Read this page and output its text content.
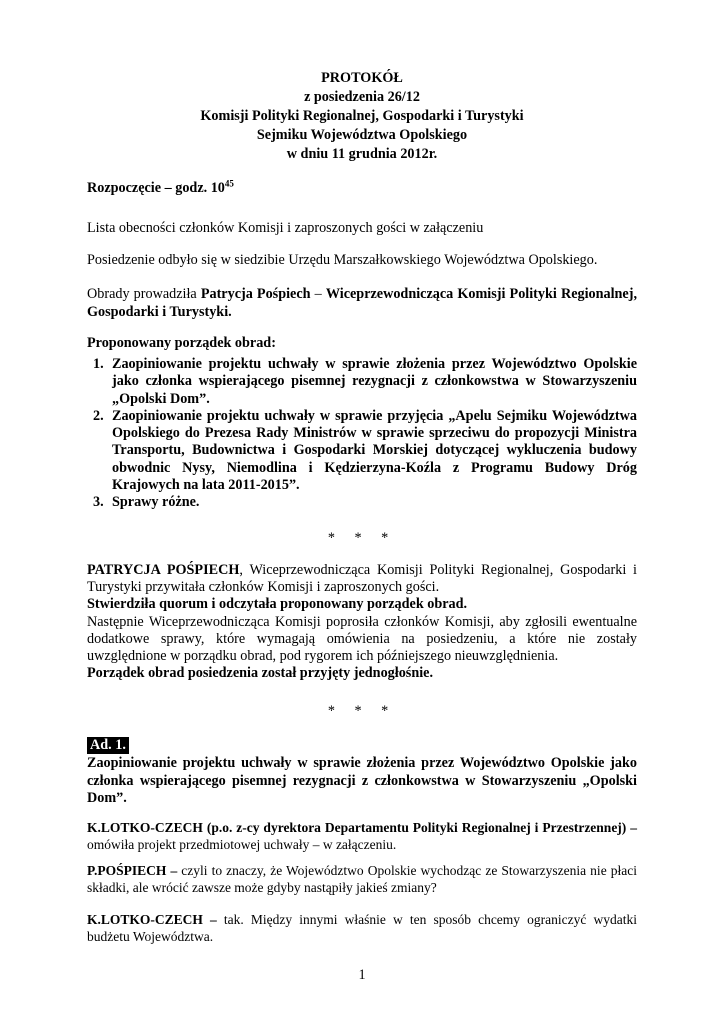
PROTOKÓŁ
z posiedzenia 26/12
Komisji Polityki Regionalnej, Gospodarki i Turystyki
Sejmiku Województwa Opolskiego
w dniu 11 grudnia 2012r.
Rozpoczęcie – godz. $10^{45}$
Lista obecności członków Komisji i zaproszonych gości w załączeniu
Posiedzenie odbyło się w siedzibie Urzędu Marszałkowskiego Województwa Opolskiego.
Obrady prowadziła Patrycja Pośpiech – Wiceprzewodnicząca Komisji Polityki Regionalnej, Gospodarki i Turystyki.
Proponowany porządek obrad:
1. Zaopiniowanie projektu uchwały w sprawie złożenia przez Województwo Opolskie jako członka wspierającego pisemnej rezygnacji z członkowstwa w Stowarzyszeniu „Opolski Dom”.
2. Zaopiniowanie projektu uchwały w sprawie przyjęcia „Apelu Sejmiku Województwa Opolskiego do Prezesa Rady Ministrów w sprawie sprzeciwu do propozycji Ministra Transportu, Budownictwa i Gospodarki Morskiej dotyczącej wykluczenia budowy obwodnic Nysy, Niemodlina i Kędzierzyna-Koźla z Programu Budowy Dróg Krajowych na lata 2011-2015”.
3. Sprawy różne.
* * *
PATRYCJA POŚPIECH, Wiceprzewodnicząca Komisji Polityki Regionalnej, Gospodarki i Turystyki przywitała członków Komisji i zaproszonych gości.
Stwierdziła quorum i odczytała proponowany porządek obrad.
Następnie Wiceprzewodnicząca Komisji poprosiła członków Komisji, aby zgłosili ewentualne dodatkowe sprawy, które wymagają omówienia na posiedzeniu, a które nie zostały uwzględnione w porządku obrad, pod rygorem ich późniejszego nieuwzględnienia.
Porządek obrad posiedzenia został przyjęty jednogłośnie.
* * *
Ad. 1.
Zaopiniowanie projektu uchwały w sprawie złożenia przez Województwo Opolskie jako członka wspierającego pisemnej rezygnacji z członkowstwa w Stowarzyszeniu „Opolski Dom”.
K.LOTKO-CZECH (p.o. z-cy dyrektora Departamentu Polityki Regionalnej i Przestrzennej) – omówiła projekt przedmiotowej uchwały – w załączeniu.
P.POŚPIECH – czyli to znaczy, że Województwo Opolskie wychodząc ze Stowarzyszenia nie płaci składki, ale wrócić zawsze może gdyby nastąpiły jakieś zmiany?
K.LOTKO-CZECH – tak. Między innymi właśnie w ten sposób chcemy ograniczyć wydatki budżetu Województwa.
1
